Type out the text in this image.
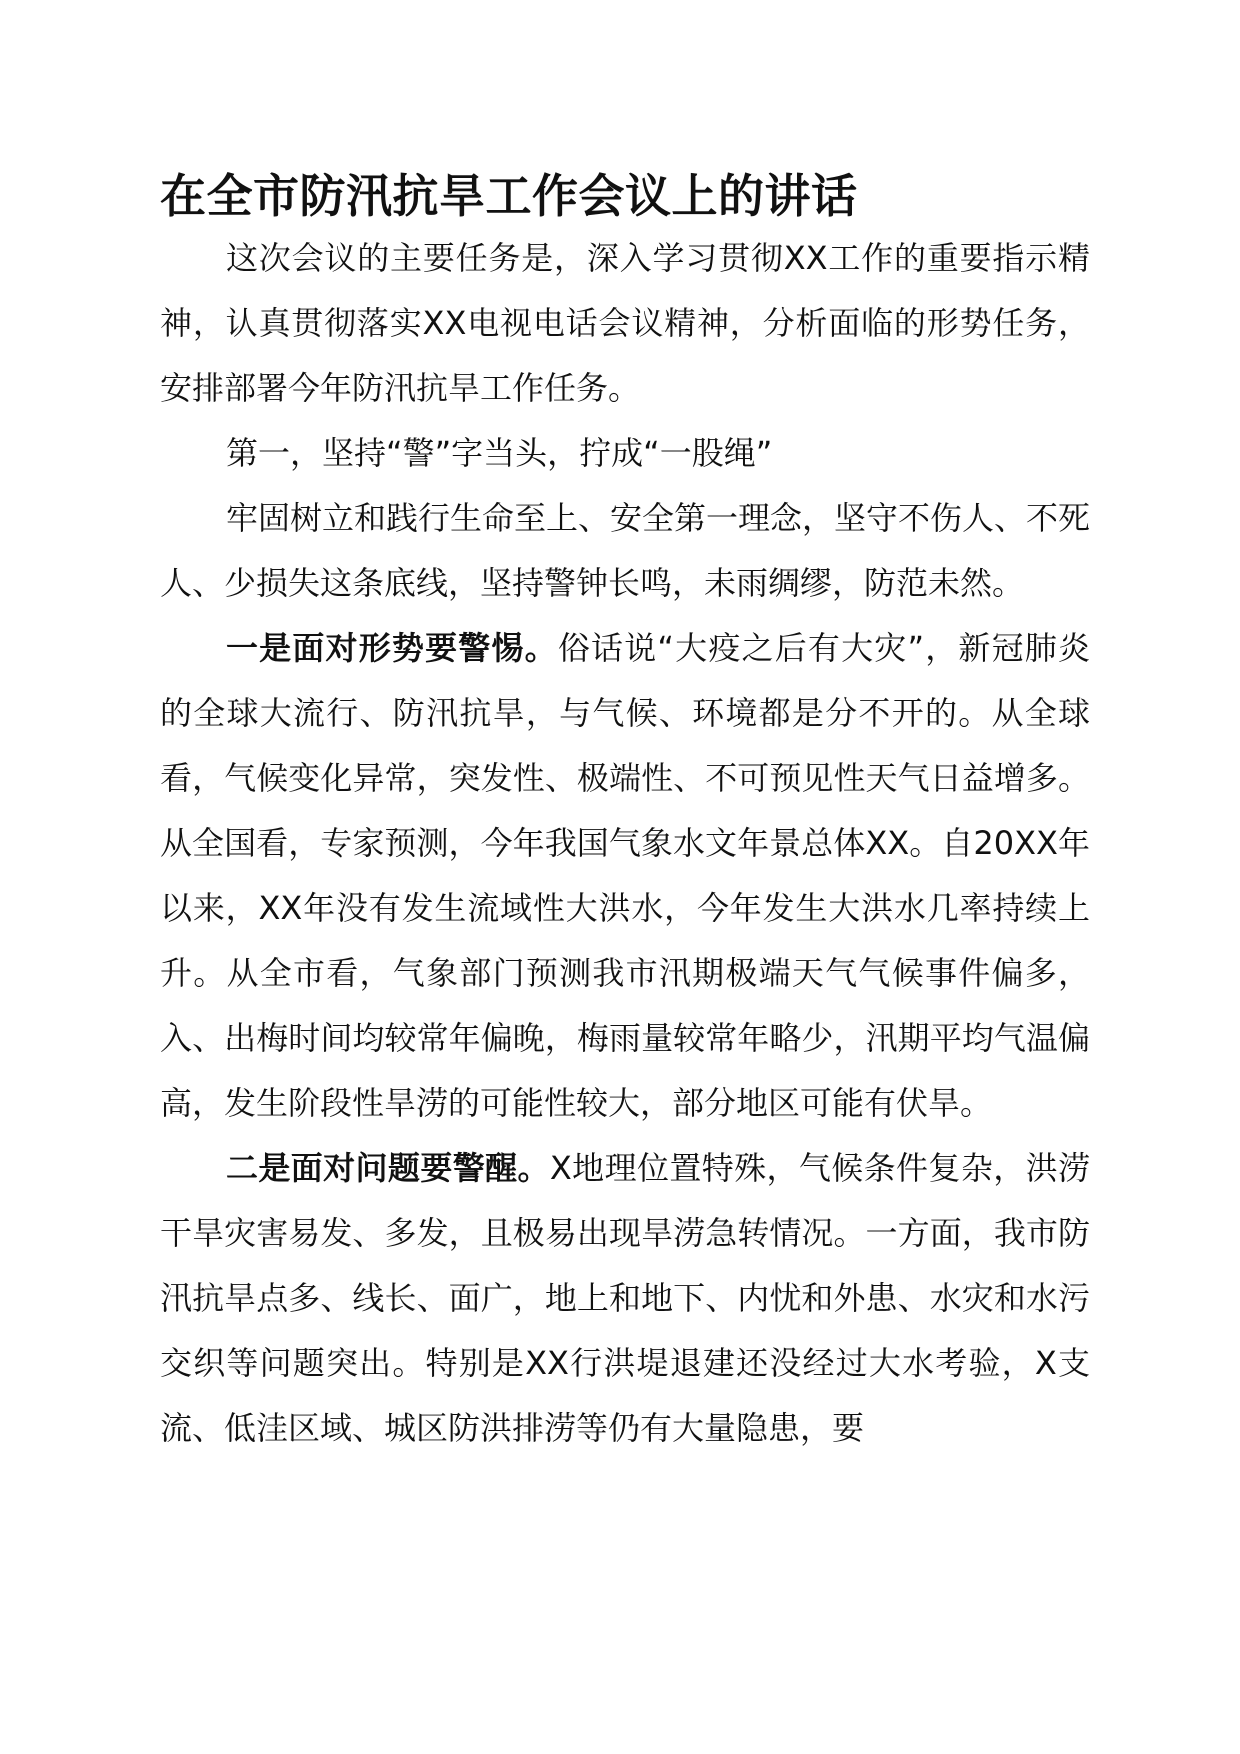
在全市防汛抗旱工作会议上的讲话

这次会议的主要任务是，深入学习贯彻XX工作的重要指示精神，认真贯彻落实XX电视电话会议精神，分析面临的形势任务，安排部署今年防汛抗旱工作任务。

第一，坚持“警”字当头，拧成“一股绳”

牢固树立和践行生命至上、安全第一理念，坚守不伤人、不死人、少损失这条底线，坚持警钟长鸣，未雨绸缪，防范未然。

一是面对形势要警惕。俗话说“大疫之后有大灾”，新冠肺炎的全球大流行、防汛抗旱，与气候、环境都是分不开的。从全球看，气候变化异常，突发性、极端性、不可预见性天气日益增多。从全国看，专家预测，今年我国气象水文年景总体XX。自20XX年以来，XX年没有发生流域性大洪水，今年发生大洪水几率持续上升。从全市看，气象部门预测我市汛期极端天气气候事件偏多，入、出梅时间均较常年偏晚，梅雨量较常年略少，汛期平均气温偏高，发生阶段性旱涝的可能性较大，部分地区可能有伏旱。

二是面对问题要警醒。X地理位置特殊，气候条件复杂，洪涝干旱灾害易发、多发，且极易出现旱涝急转情况。一方面，我市防汛抗旱点多、线长、面广，地上和地下、内忧和外患、水灾和水污交织等问题突出。特别是XX行洪堤退建还没经过大水考验，X支流、低洼区域、城区防洪排涝等仍有大量隐患，要
